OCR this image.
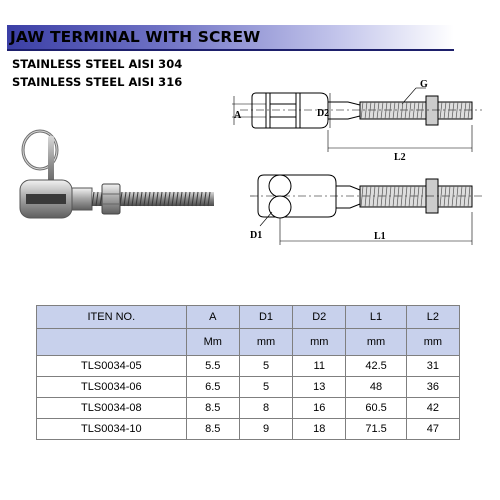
JAW TERMINAL WITH SCREW
STAINLESS STEEL AISI 304
STAINLESS STEEL AISI 316
A	D2
G
L2
D1	L1
ITEN NO.	A	D1	D2	L1	L2
	Mm	mm	mm	mm	mm
TLS0034-05	5.5	5	11	42.5	31
TLS0034-06	6.5	5	13	48	36
TLS0034-08	8.5	8	16	60.5	42
TLS0034-10	8.5	9	18	71.5	47
